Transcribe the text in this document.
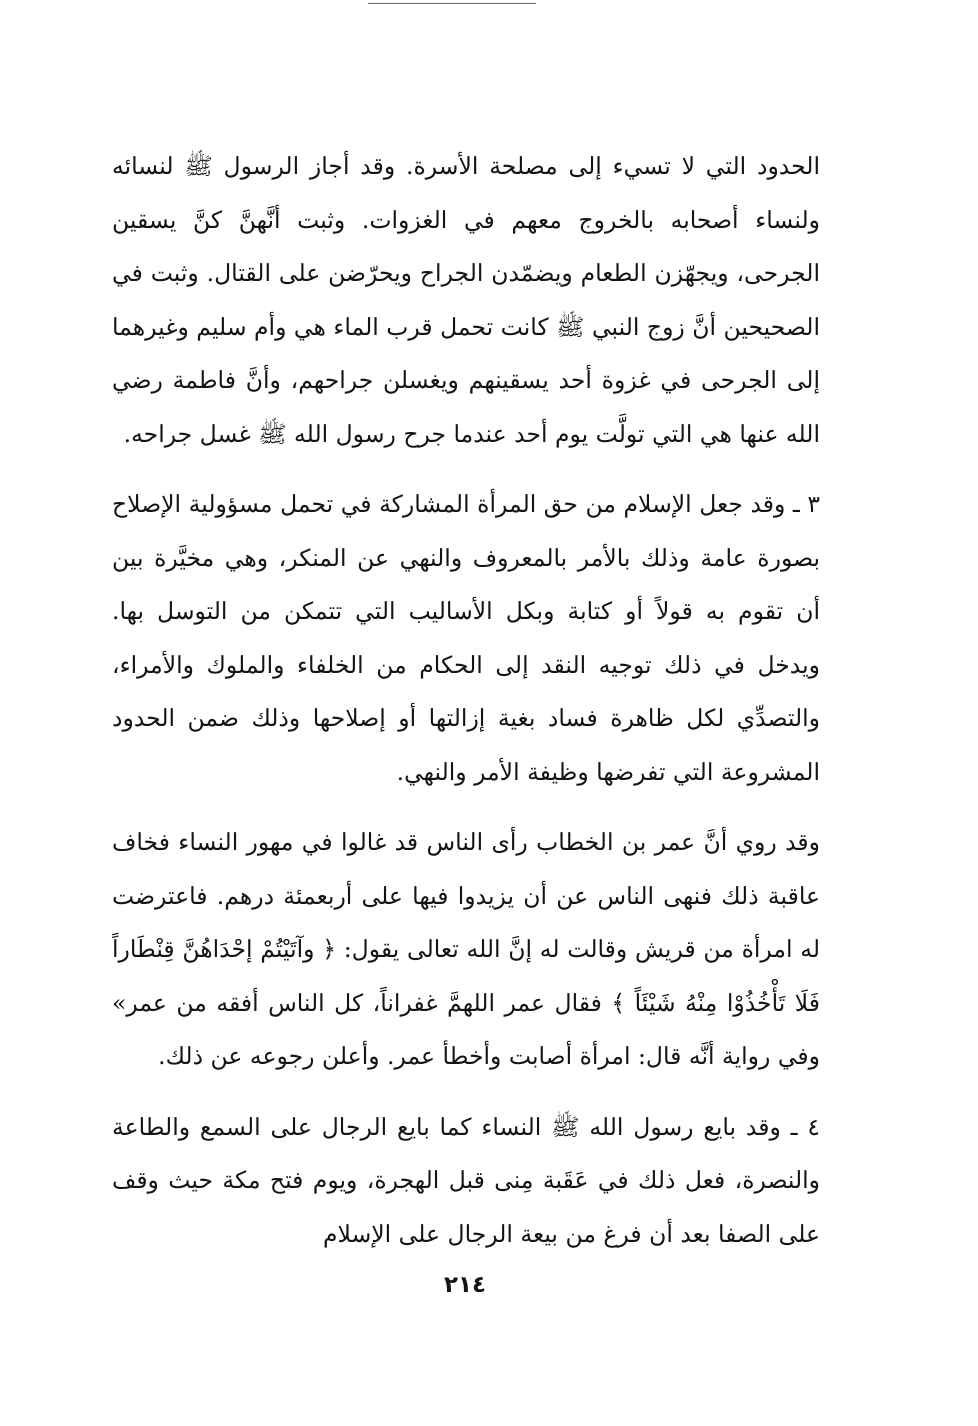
الحدود التي لا تسيء إلى مصلحة الأسرة. وقد أجاز الرسول ﷺ لنسائه ولنساء أصحابه بالخروج معهم في الغزوات. وثبت أنَّهنَّ كنَّ يسقين الجرحى، ويجهّزن الطعام ويضمّدن الجراح ويحرّضن على القتال. وثبت في الصحيحين أنَّ زوج النبي ﷺ كانت تحمل قرب الماء هي وأم سليم وغيرهما إلى الجرحى في غزوة أحد يسقينهم ويغسلن جراحهم، وأنَّ فاطمة رضي الله عنها هي التي تولَّت يوم أحد عندما جرح رسول الله ﷺ غسل جراحه.

٣ ـ وقد جعل الإسلام من حق المرأة المشاركة في تحمل مسؤولية الإصلاح بصورة عامة وذلك بالأمر بالمعروف والنهي عن المنكر، وهي مخيَّرة بين أن تقوم به قولاً أو كتابة وبكل الأساليب التي تتمكن من التوسل بها. ويدخل في ذلك توجيه النقد إلى الحكام من الخلفاء والملوك والأمراء، والتصدِّي لكل ظاهرة فساد بغية إزالتها أو إصلاحها وذلك ضمن الحدود المشروعة التي تفرضها وظيفة الأمر والنهي.

وقد روي أنَّ عمر بن الخطاب رأى الناس قد غالوا في مهور النساء فخاف عاقبة ذلك فنهى الناس عن أن يزيدوا فيها على أربعمئة درهم. فاعترضت له امرأة من قريش وقالت له إنَّ الله تعالى يقول: ﴿ وآتَيْتُمْ إحْدَاهُنَّ قِنْطَاراً فَلَا تَأْخُذُوْا مِنْهُ شَيْئَاً ﴾ فقال عمر اللهمَّ غفراناً، كل الناس أفقه من عمر» وفي رواية أنَّه قال: امرأة أصابت وأخطأ عمر. وأعلن رجوعه عن ذلك.

٤ ـ وقد بايع رسول الله ﷺ النساء كما بايع الرجال على السمع والطاعة والنصرة، فعل ذلك في عَقَبة مِنى قبل الهجرة، ويوم فتح مكة حيث وقف على الصفا بعد أن فرغ من بيعة الرجال على الإسلام

٢١٤
